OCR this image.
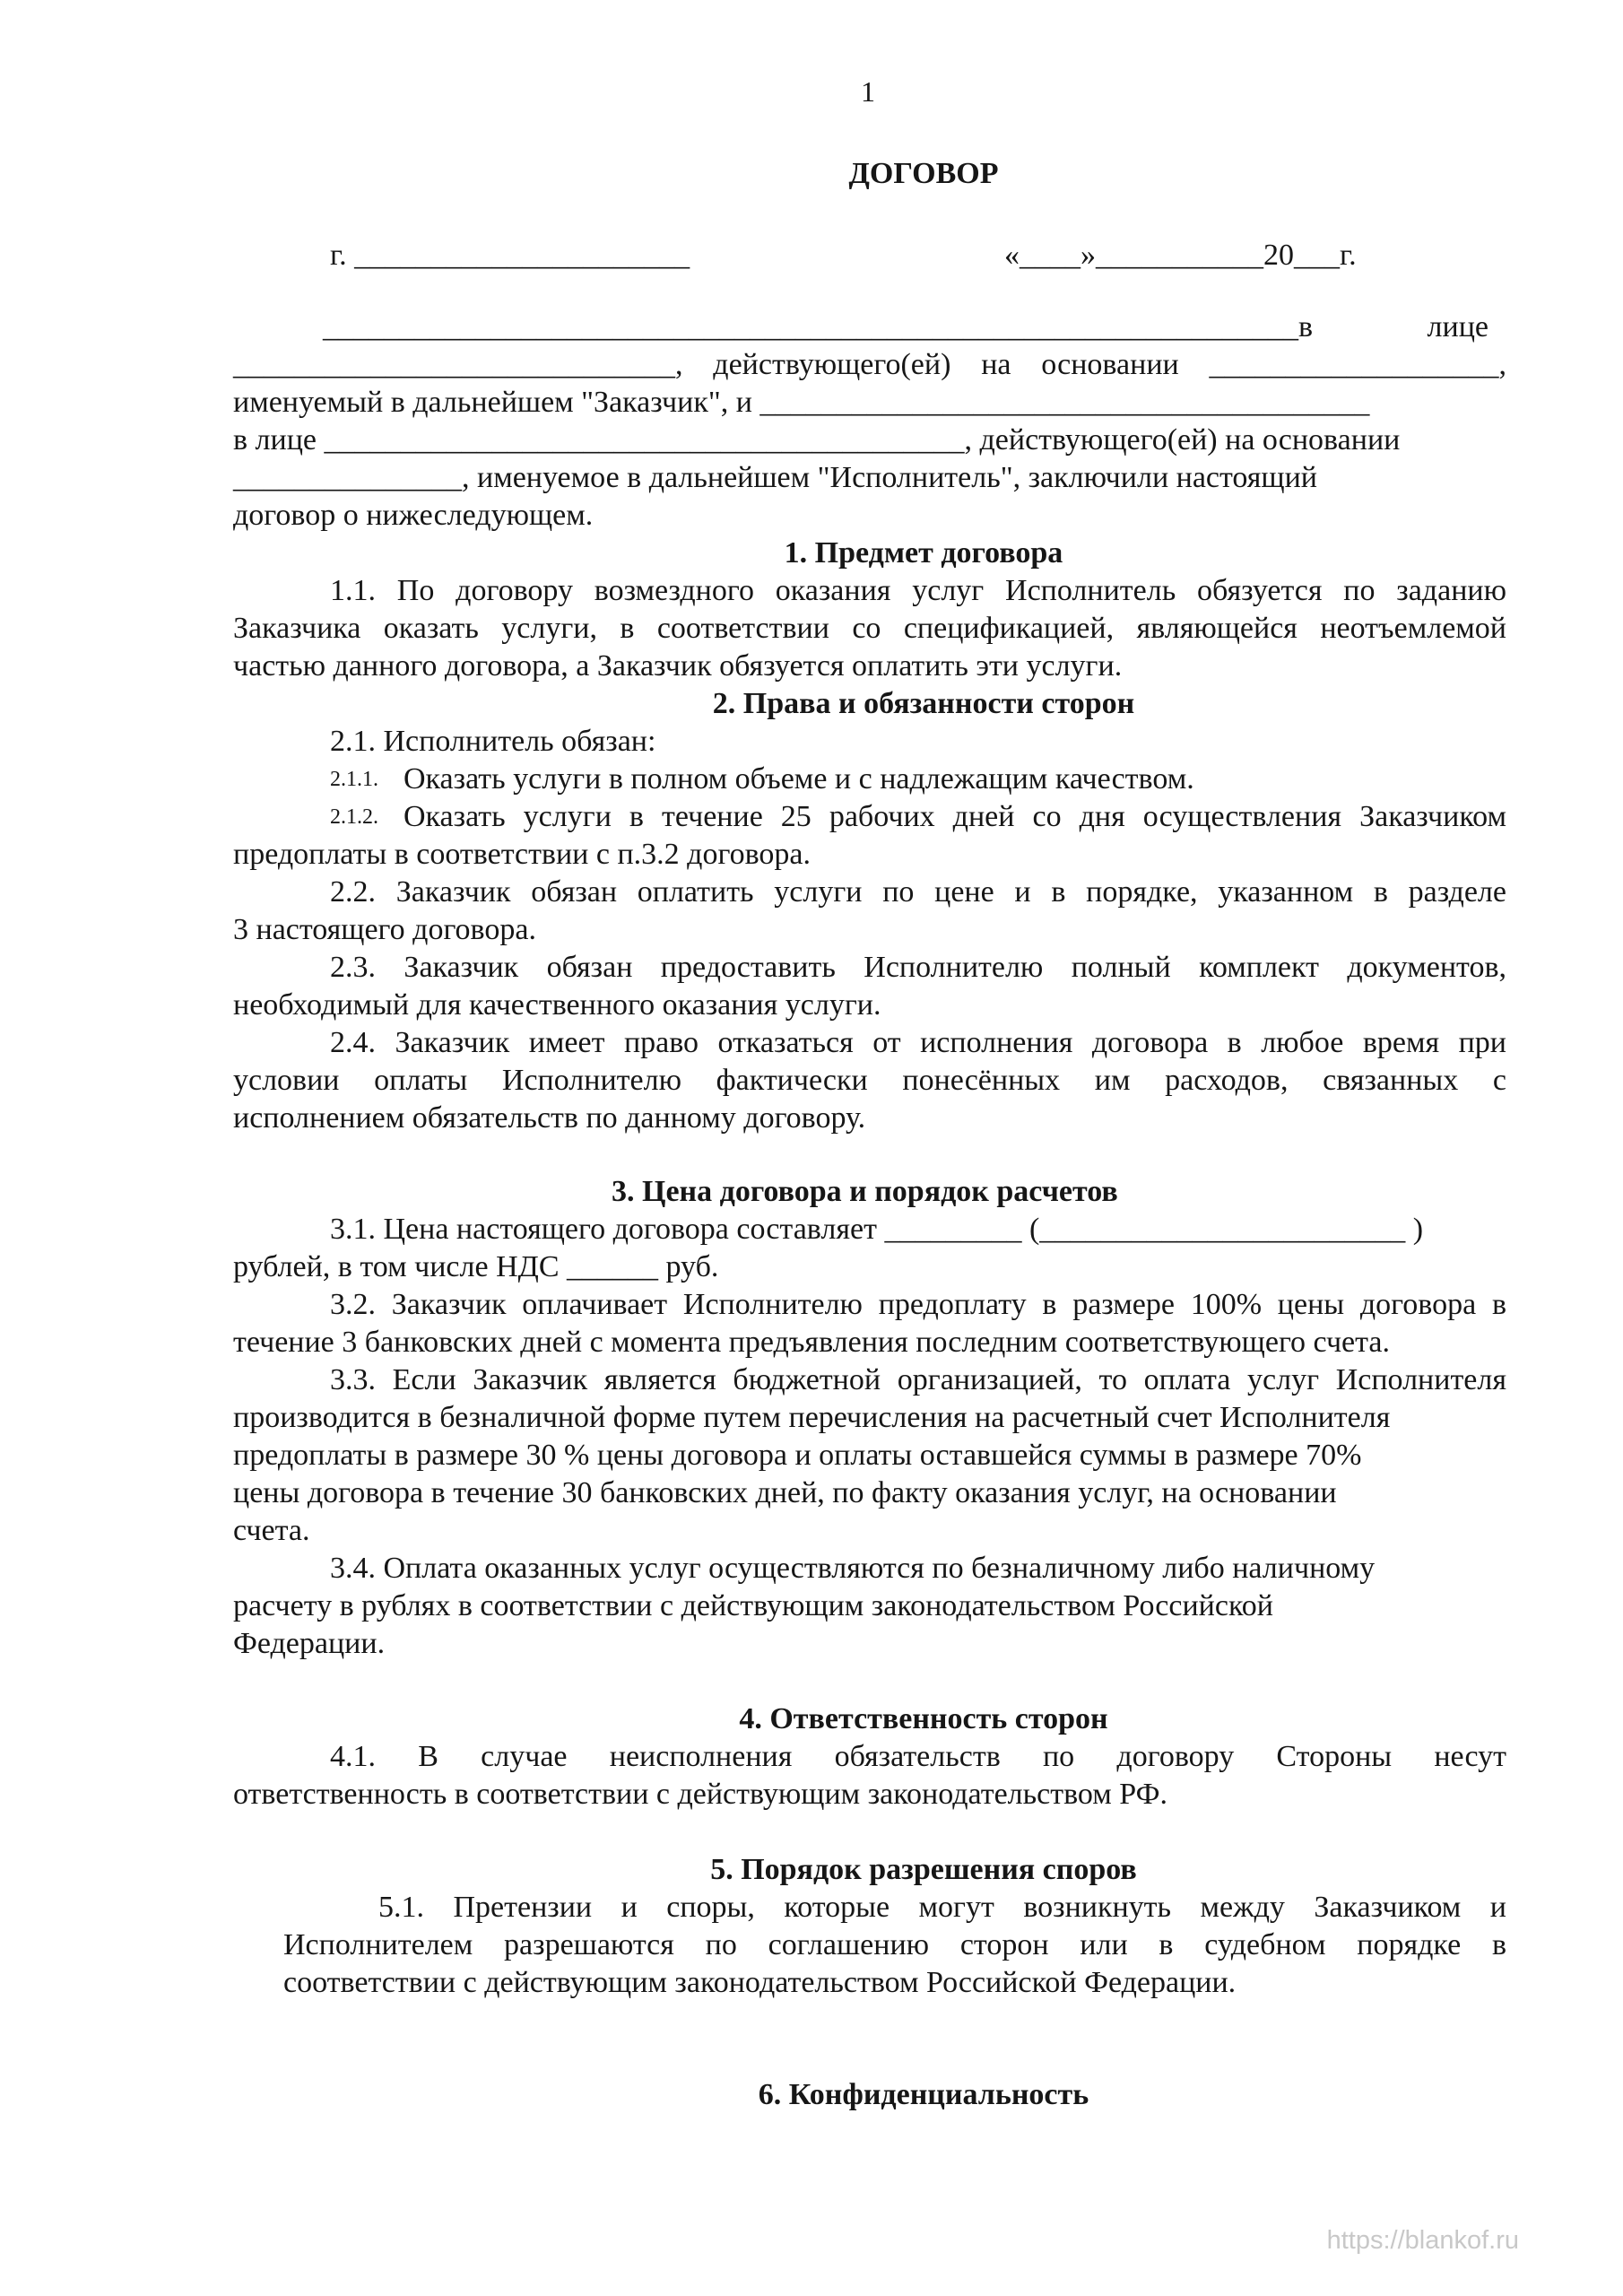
1
ДОГОВОР
г. ______________________	«____»___________20___г.
________________________________________________________________в лице
_____________________________, действующего(ей) на основании ___________________,
именуемый в дальнейшем "Заказчик", и ________________________________________
в лице __________________________________________, действующего(ей) на основании
_______________, именуемое в дальнейшем "Исполнитель", заключили настоящий
договор о нижеследующем.
1. Предмет договора
1.1. По договору возмездного оказания услуг Исполнитель обязуется по заданию
Заказчика оказать услуги, в соответствии со спецификацией, являющейся неотъемлемой
частью данного договора, а Заказчик обязуется оплатить эти услуги.
2. Права и обязанности сторон
2.1. Исполнитель обязан:
2.1.1. Оказать услуги в полном объеме и с надлежащим качеством.
2.1.2. Оказать услуги в течение 25 рабочих дней со дня осуществления Заказчиком
предоплаты в соответствии с п.3.2 договора.
2.2. Заказчик обязан оплатить услуги по цене и в порядке, указанном в разделе
3 настоящего договора.
2.3. Заказчик обязан предоставить Исполнителю полный комплект документов,
необходимый для качественного оказания услуги.
2.4. Заказчик имеет право отказаться от исполнения договора в любое время при
условии оплаты Исполнителю фактически понесённых им расходов, связанных с
исполнением обязательств по данному договору.
3. Цена договора и порядок расчетов
3.1. Цена настоящего договора составляет _________ (________________________ )
рублей, в том числе НДС ______ руб.
3.2. Заказчик оплачивает Исполнителю предоплату в размере 100% цены договора в
течение 3 банковских дней с момента предъявления последним соответствующего счета.
3.3. Если Заказчик является бюджетной организацией, то оплата услуг Исполнителя
производится в безналичной форме путем перечисления на расчетный счет Исполнителя
предоплаты в размере 30 % цены договора и оплаты оставшейся суммы в размере 70%
цены договора в течение 30 банковских дней, по факту оказания услуг, на основании
счета.
3.4. Оплата оказанных услуг осуществляются по безналичному либо наличному
расчету в рублях в соответствии с действующим законодательством Российской
Федерации.
4. Ответственность сторон
4.1. В случае неисполнения обязательств по договору Стороны несут
ответственность в соответствии с действующим законодательством РФ.
5. Порядок разрешения споров
5.1. Претензии и споры, которые могут возникнуть между Заказчиком и
Исполнителем разрешаются по соглашению сторон или в судебном порядке в
соответствии с действующим законодательством Российской Федерации.
6. Конфиденциальность
https://blankof.ru
